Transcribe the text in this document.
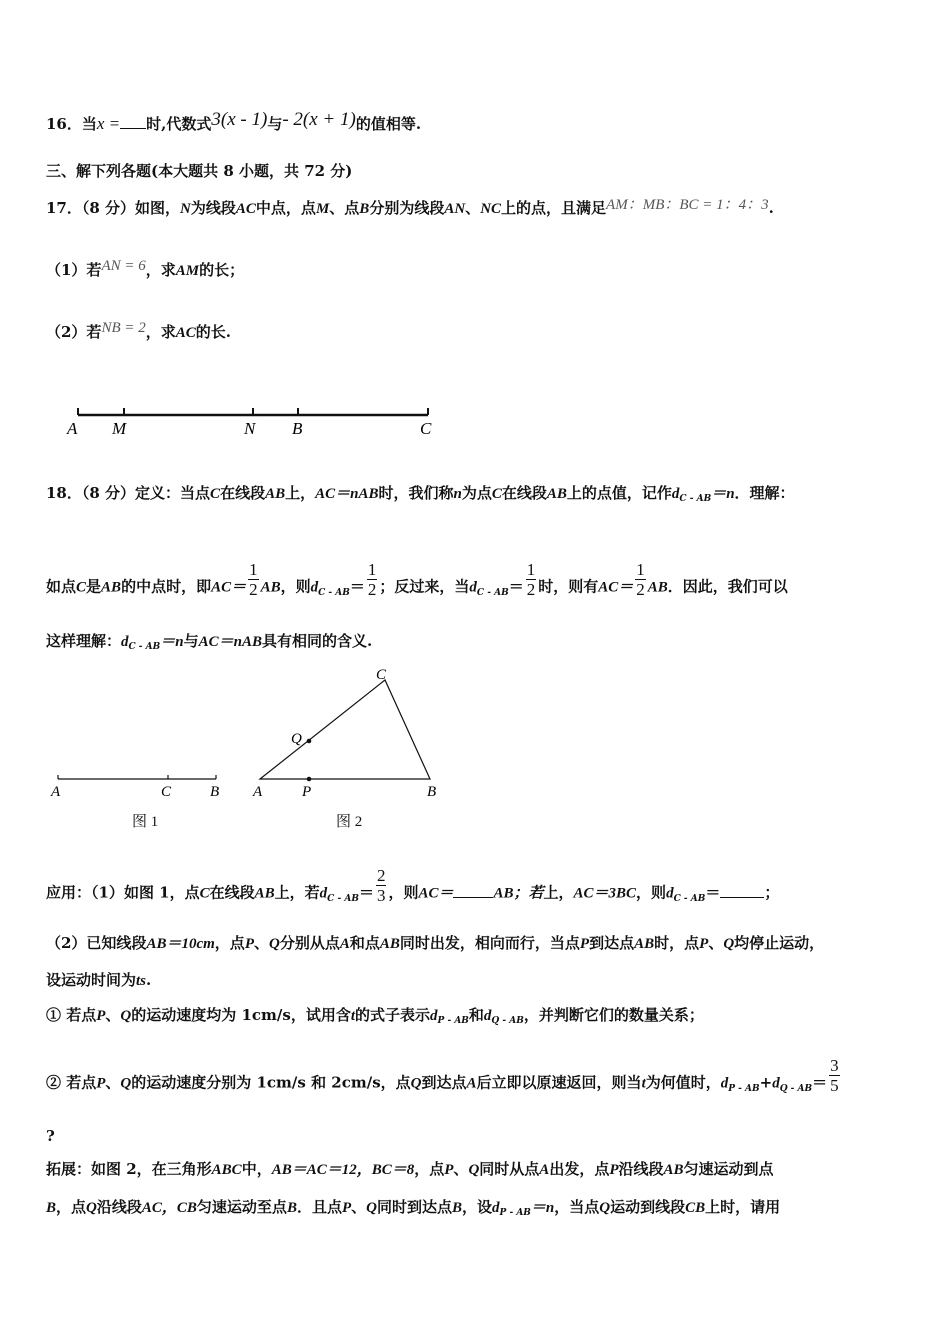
16．当x = 时,代数式3(x - 1)与- 2(x + 1)的值相等.
三、解下列各题(本大题共 8 小题，共 72 分)
17．（8 分）如图，N为线段AC中点，点M、点B分别为线段AN、NC上的点，且满足AM：MB：BC = 1：4：3.
（1）若AN = 6，求AM的长；
（2）若NB = 2，求AC的长.
A M	N B	C
18．（8 分）定义：当点C在线段AB上，AC＝nAB时，我们称n为点C在线段AB上的点值，记作$d_{C - AB}=n$．理解：
如点C是AB的中点时，即$AC= \frac{1}{2}$ AB，则$d_{C - AB}= \frac{1}{2}$ ；反过来，当$d_{C - AB}= \frac{1}{2}$ 时，则有$AC= \frac{1}{2}$ AB．因此，我们可以
这样理解：$d_{C - AB}=n$与AC＝nAB具有相同的含义.
A	C	B
图 1
C
Q
A	P	B
图 2
应用：（1）如图 1，点C在线段AB上，若$d_{C - AB}= \frac{2}{3}$ ，则AC＝	AB；若上，AC＝3BC，则$d_{C - AB}=$	；
（2）已知线段AB＝10cm，点P、Q分别从点A和点AB同时出发，相向而行，当点P到达点AB时，点P、Q均停止运动，
设运动时间为ts.
① 若点P、Q的运动速度均为 1cm/s，试用含t的式子表示$d_{P - AB}$和$d_{Q - AB}$，并判断它们的数量关系；
② 若点P、Q的运动速度分别为 1cm/s 和 2cm/s，点Q到达点A后立即以原速返回，则当t为何值时，$d_{P - AB}+d_{Q - AB}= \frac{3}{5}$
?
拓展：如图 2，在三角形ABC中，AB＝AC＝12，BC＝8，点P、Q同时从点A出发，点P沿线段AB匀速运动到点
B，点Q沿线段AC，CB匀速运动至点B．且点P、Q同时到达点B，设$d_{P - AB}=n$，当点Q运动到线段CB上时，请用
